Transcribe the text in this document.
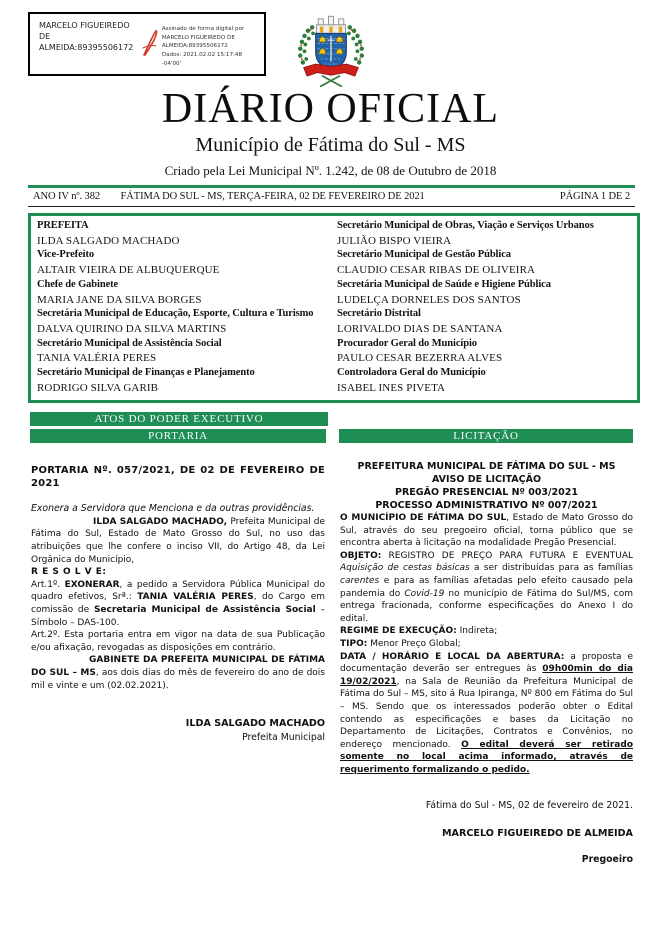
MARCELO FIGUEIREDO
DE
ALMEIDA:89395506172
Assinado de forma digital por
MARCELO FIGUEIREDO DE
ALMEIDA:89395506172
Dados: 2021.02.02 15:17:48 -04'00'
DIÁRIO OFICIAL
Município de Fátima do Sul - MS
Criado pela Lei Municipal Nº. 1.242, de 08 de Outubro de 2018
ANO IV nº. 382 FÁTIMA DO SUL - MS, TERÇA-FEIRA, 02 DE FEVEREIRO DE 2021	PÁGINA 1 DE 2
PREFEITA
ILDA SALGADO MACHADO
Vice-Prefeito
ALTAIR VIEIRA DE ALBUQUERQUE
Chefe de Gabinete
MARIA JANE DA SILVA BORGES
Secretária Municipal de Educação, Esporte, Cultura e Turismo
DALVA QUIRINO DA SILVA MARTINS
Secretário Municipal de Assistência Social
TANIA VALÉRIA PERES
Secretário Municipal de Finanças e Planejamento
RODRIGO SILVA GARIB
Secretário Municipal de Obras, Viação e Serviços Urbanos
JULIÃO BISPO VIEIRA
Secretário Municipal de Gestão Pública
CLAUDIO CESAR RIBAS DE OLIVEIRA
Secretária Municipal de Saúde e Higiene Pública
LUDELÇA DORNELES DOS SANTOS
Secretário Distrital
LORIVALDO DIAS DE SANTANA
Procurador Geral do Município
PAULO CESAR BEZERRA ALVES
Controladora Geral do Município
ISABEL INES PIVETA
ATOS DO PODER EXECUTIVO
PORTARIA	LICITAÇÃO
PORTARIA Nº. 057/2021, DE 02 DE FEVEREIRO DE 2021
Exonera a Servidora que Menciona e da outras providências.

ILDA SALGADO MACHADO, Prefeita Municipal de Fátima do Sul, Estado de Mato Grosso do Sul, no uso das atribuições que lhe confere o inciso VII, do Artigo 48, da Lei Orgânica do Município,

R E S O L V E:

Art.1º. EXONERAR, a pedido a Servidora Pública Municipal do quadro efetivos, Srª.: TANIA VALÉRIA PERES, do Cargo em comissão de Secretaria Municipal de Assistência Social – Símbolo – DAS-100.

Art.2º. Esta portaria entra em vigor na data de sua Publicação e/ou afixação, revogadas as disposições em contrário.

GABINETE DA PREFEITA MUNICIPAL DE FÁTIMA DO SUL – MS, aos dois dias do mês de fevereiro do ano de dois mil e vinte e um (02.02.2021).

ILDA SALGADO MACHADO
Prefeita Municipal
PREFEITURA MUNICIPAL DE FÁTIMA DO SUL - MS
AVISO DE LICITAÇÃO
PREGÃO PRESENCIAL Nº 003/2021
PROCESSO ADMINISTRATIVO Nº 007/2021

O MUNICÍPIO DE FÁTIMA DO SUL, Estado de Mato Grosso do Sul, através do seu pregoeiro oficial, torna público que se encontra aberta à licitação na modalidade Pregão Presencial.

OBJETO: REGISTRO DE PREÇO PARA FUTURA E EVENTUAL Aquisição de cestas básicas a ser distribuídas para as famílias carentes e para as famílias afetadas pelo efeito causado pela pandemia do Covid-19 no município de Fátima do Sul/MS, com entrega fracionada, conforme especificações do Anexo I do edital.

REGIME DE EXECUÇÃO: Indireta;

TIPO: Menor Preço Global;

DATA / HORÁRIO E LOCAL DA ABERTURA: a proposta e documentação deverão ser entregues às 09h00min do dia 19/02/2021, na Sala de Reunião da Prefeitura Municipal de Fátima do Sul – MS, sito á Rua Ipiranga, Nº 800 em Fátima do Sul – MS. Sendo que os interessados poderão obter o Edital contendo as especificações e bases da Licitação no Departamento de Licitações, Contratos e Convênios, no endereço mencionado. O edital deverá ser retirado somente no local acima informado, através de requerimento formalizando o pedido.

Fátima do Sul - MS, 02 de fevereiro de 2021.
MARCELO FIGUEIREDO DE ALMEIDA
Pregoeiro
